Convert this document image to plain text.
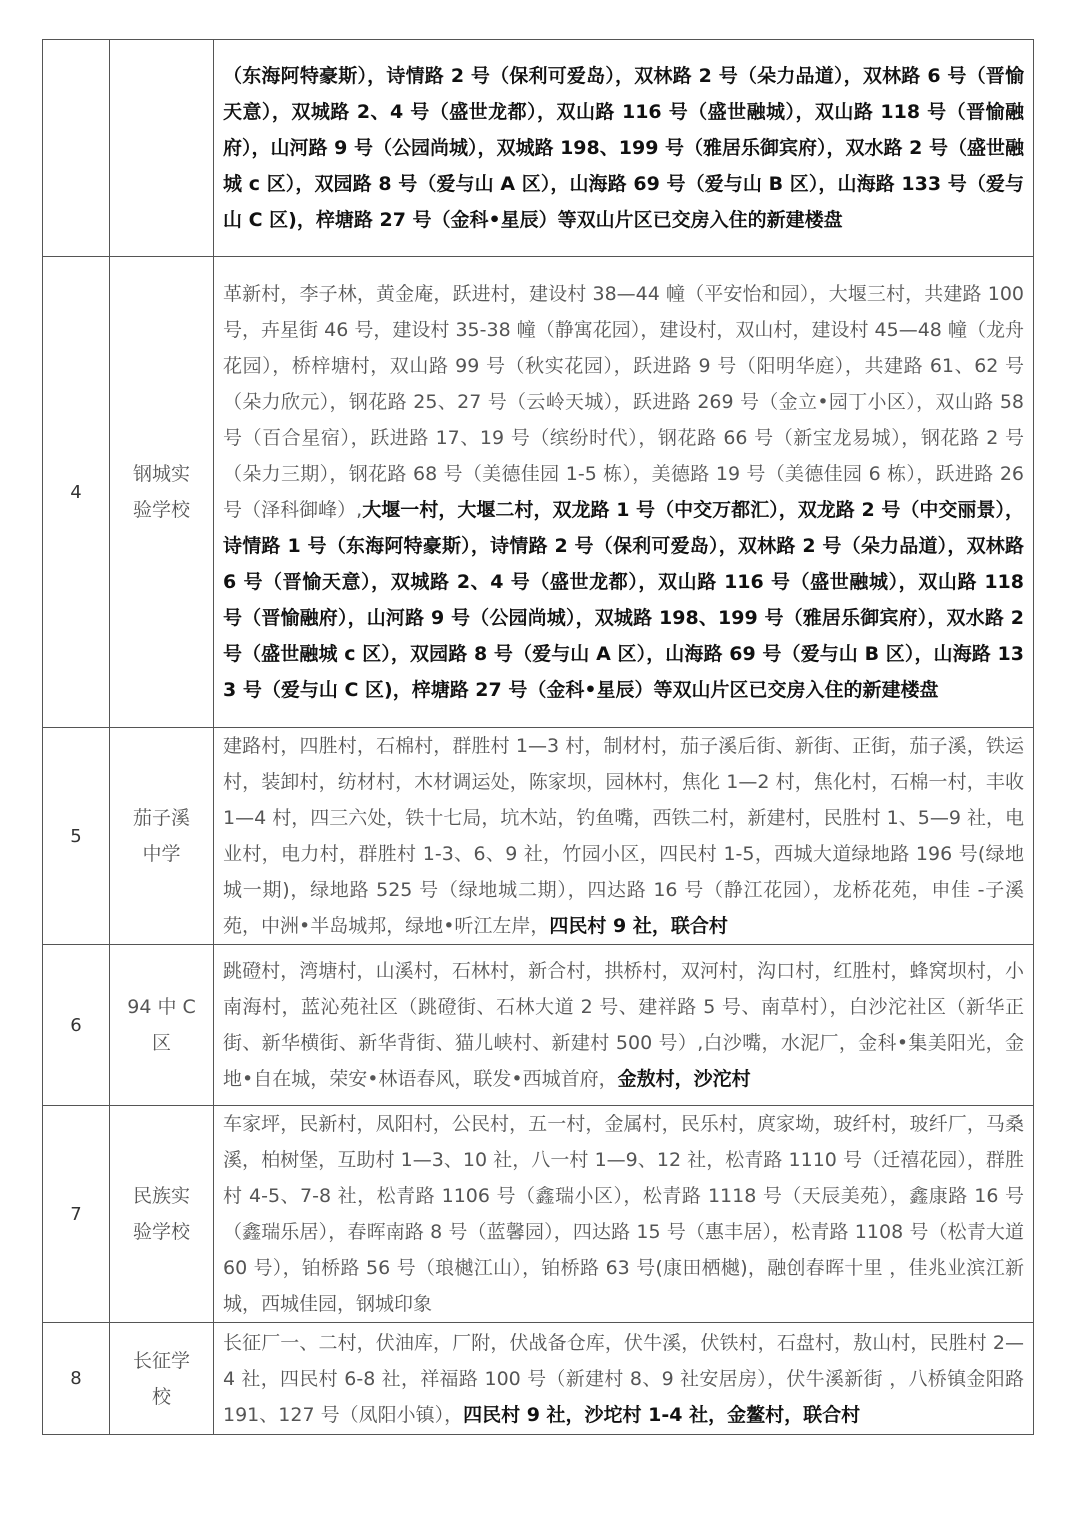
		（东海阿特豪斯），诗情路 2 号（保利可爱岛），双林路 2 号（朵力品道），双林路 6 号（晋愉天意），双城路 2、4 号（盛世龙都），双山路 116 号（盛世融城），双山路 118 号（晋愉融府），山河路 9 号（公园尚城），双城路 198、199 号（雅居乐御宾府），双水路 2 号（盛世融城 c 区），双园路 8 号（爱与山 A 区），山海路 69 号（爱与山 B 区），山海路 133 号（爱与山 C 区)，梓塘路 27 号（金科•星辰）等双山片区已交房入住的新建楼盘
4	钢城实验学校	革新村，李子林，黄金庵，跃进村，建设村 38—44 幢（平安怡和园），大堰三村，共建路 100 号，卉星街 46 号，建设村 35-38 幢（静寓花园），建设村，双山村，建设村 45—48 幢（龙舟花园），桥梓塘村，双山路 99 号（秋实花园），跃进路 9 号（阳明华庭），共建路 61、62 号（朵力欣元），钢花路 25、27 号（云岭天城），跃进路 269 号（金立•园丁小区），双山路 58 号（百合星宿），跃进路 17、19 号（缤纷时代），钢花路 66 号（新宝龙易城），钢花路 2 号（朵力三期），钢花路 68 号（美德佳园 1-5 栋），美德路 19 号（美德佳园 6 栋），跃进路 26 号（泽科御峰）,大堰一村，大堰二村，双龙路 1 号（中交万都汇），双龙路 2 号（中交丽景），诗情路 1 号（东海阿特豪斯），诗情路 2 号（保利可爱岛），双林路 2 号（朵力品道），双林路 6 号（晋愉天意），双城路 2、4 号（盛世龙都），双山路 116 号（盛世融城），双山路 118 号（晋愉融府），山河路 9 号（公园尚城），双城路 198、199 号（雅居乐御宾府），双水路 2 号（盛世融城 c 区），双园路 8 号（爱与山 A 区），山海路 69 号（爱与山 B 区），山海路 133 号（爱与山 C 区)，梓塘路 27 号（金科•星辰）等双山片区已交房入住的新建楼盘
5	茄子溪中学	建路村，四胜村，石棉村，群胜村 1—3 村，制材村，茄子溪后街、新街、正街，茄子溪，铁运村，装卸村，纺材村，木材调运处，陈家坝，园林村，焦化 1—2 村，焦化村，石棉一村，丰收 1—4 村，四三六处，铁十七局，坑木站，钓鱼嘴，西铁二村，新建村，民胜村 1、5—9 社，电业村，电力村，群胜村 1-3、6、9 社，竹园小区，四民村 1-5，西城大道绿地路 196 号(绿地城一期)，绿地路 525 号（绿地城二期），四达路 16 号（静江花园），龙桥花苑，申佳 -子溪苑，中洲•半岛城邦，绿地•听江左岸，四民村 9 社，联合村
6	94 中 C 区	跳磴村，湾塘村，山溪村，石林村，新合村，拱桥村，双河村，沟口村，红胜村，蜂窝坝村，小南海村，蓝沁苑社区（跳磴街、石林大道 2 号、建祥路 5 号、南草村），白沙沱社区（新华正街、新华横街、新华背街、猫儿峡村、新建村 500 号）,白沙嘴，水泥厂，金科•集美阳光，金地•自在城，荣安•林语春风，联发•西城首府，金敖村，沙沱村
7	民族实验学校	车家坪，民新村，凤阳村，公民村，五一村，金属村，民乐村，庹家坳，玻纤村，玻纤厂，马桑溪，柏树堡，互助村 1—3、10 社，八一村 1—9、12 社，松青路 1110 号（迁禧花园），群胜村 4-5、7-8 社，松青路 1106 号（鑫瑞小区），松青路 1118 号（天辰美苑），鑫康路 16 号（鑫瑞乐居），春晖南路 8 号（蓝馨园），四达路 15 号（惠丰居），松青路 1108 号（松青大道 60 号），铂桥路 56 号（琅樾江山），铂桥路 63 号(康田栖樾)，融创春晖十里 ，佳兆业滨江新城，西城佳园，钢城印象
8	长征学校	长征厂一、二村，伏油库，厂附，伏战备仓库，伏牛溪，伏铁村，石盘村，敖山村，民胜村 2—4 社，四民村 6-8 社，祥福路 100 号（新建村 8、9 社安居房），伏牛溪新街 ，八桥镇金阳路 191、127 号（凤阳小镇），四民村 9 社，沙坨村 1-4 社，金鳌村，联合村
